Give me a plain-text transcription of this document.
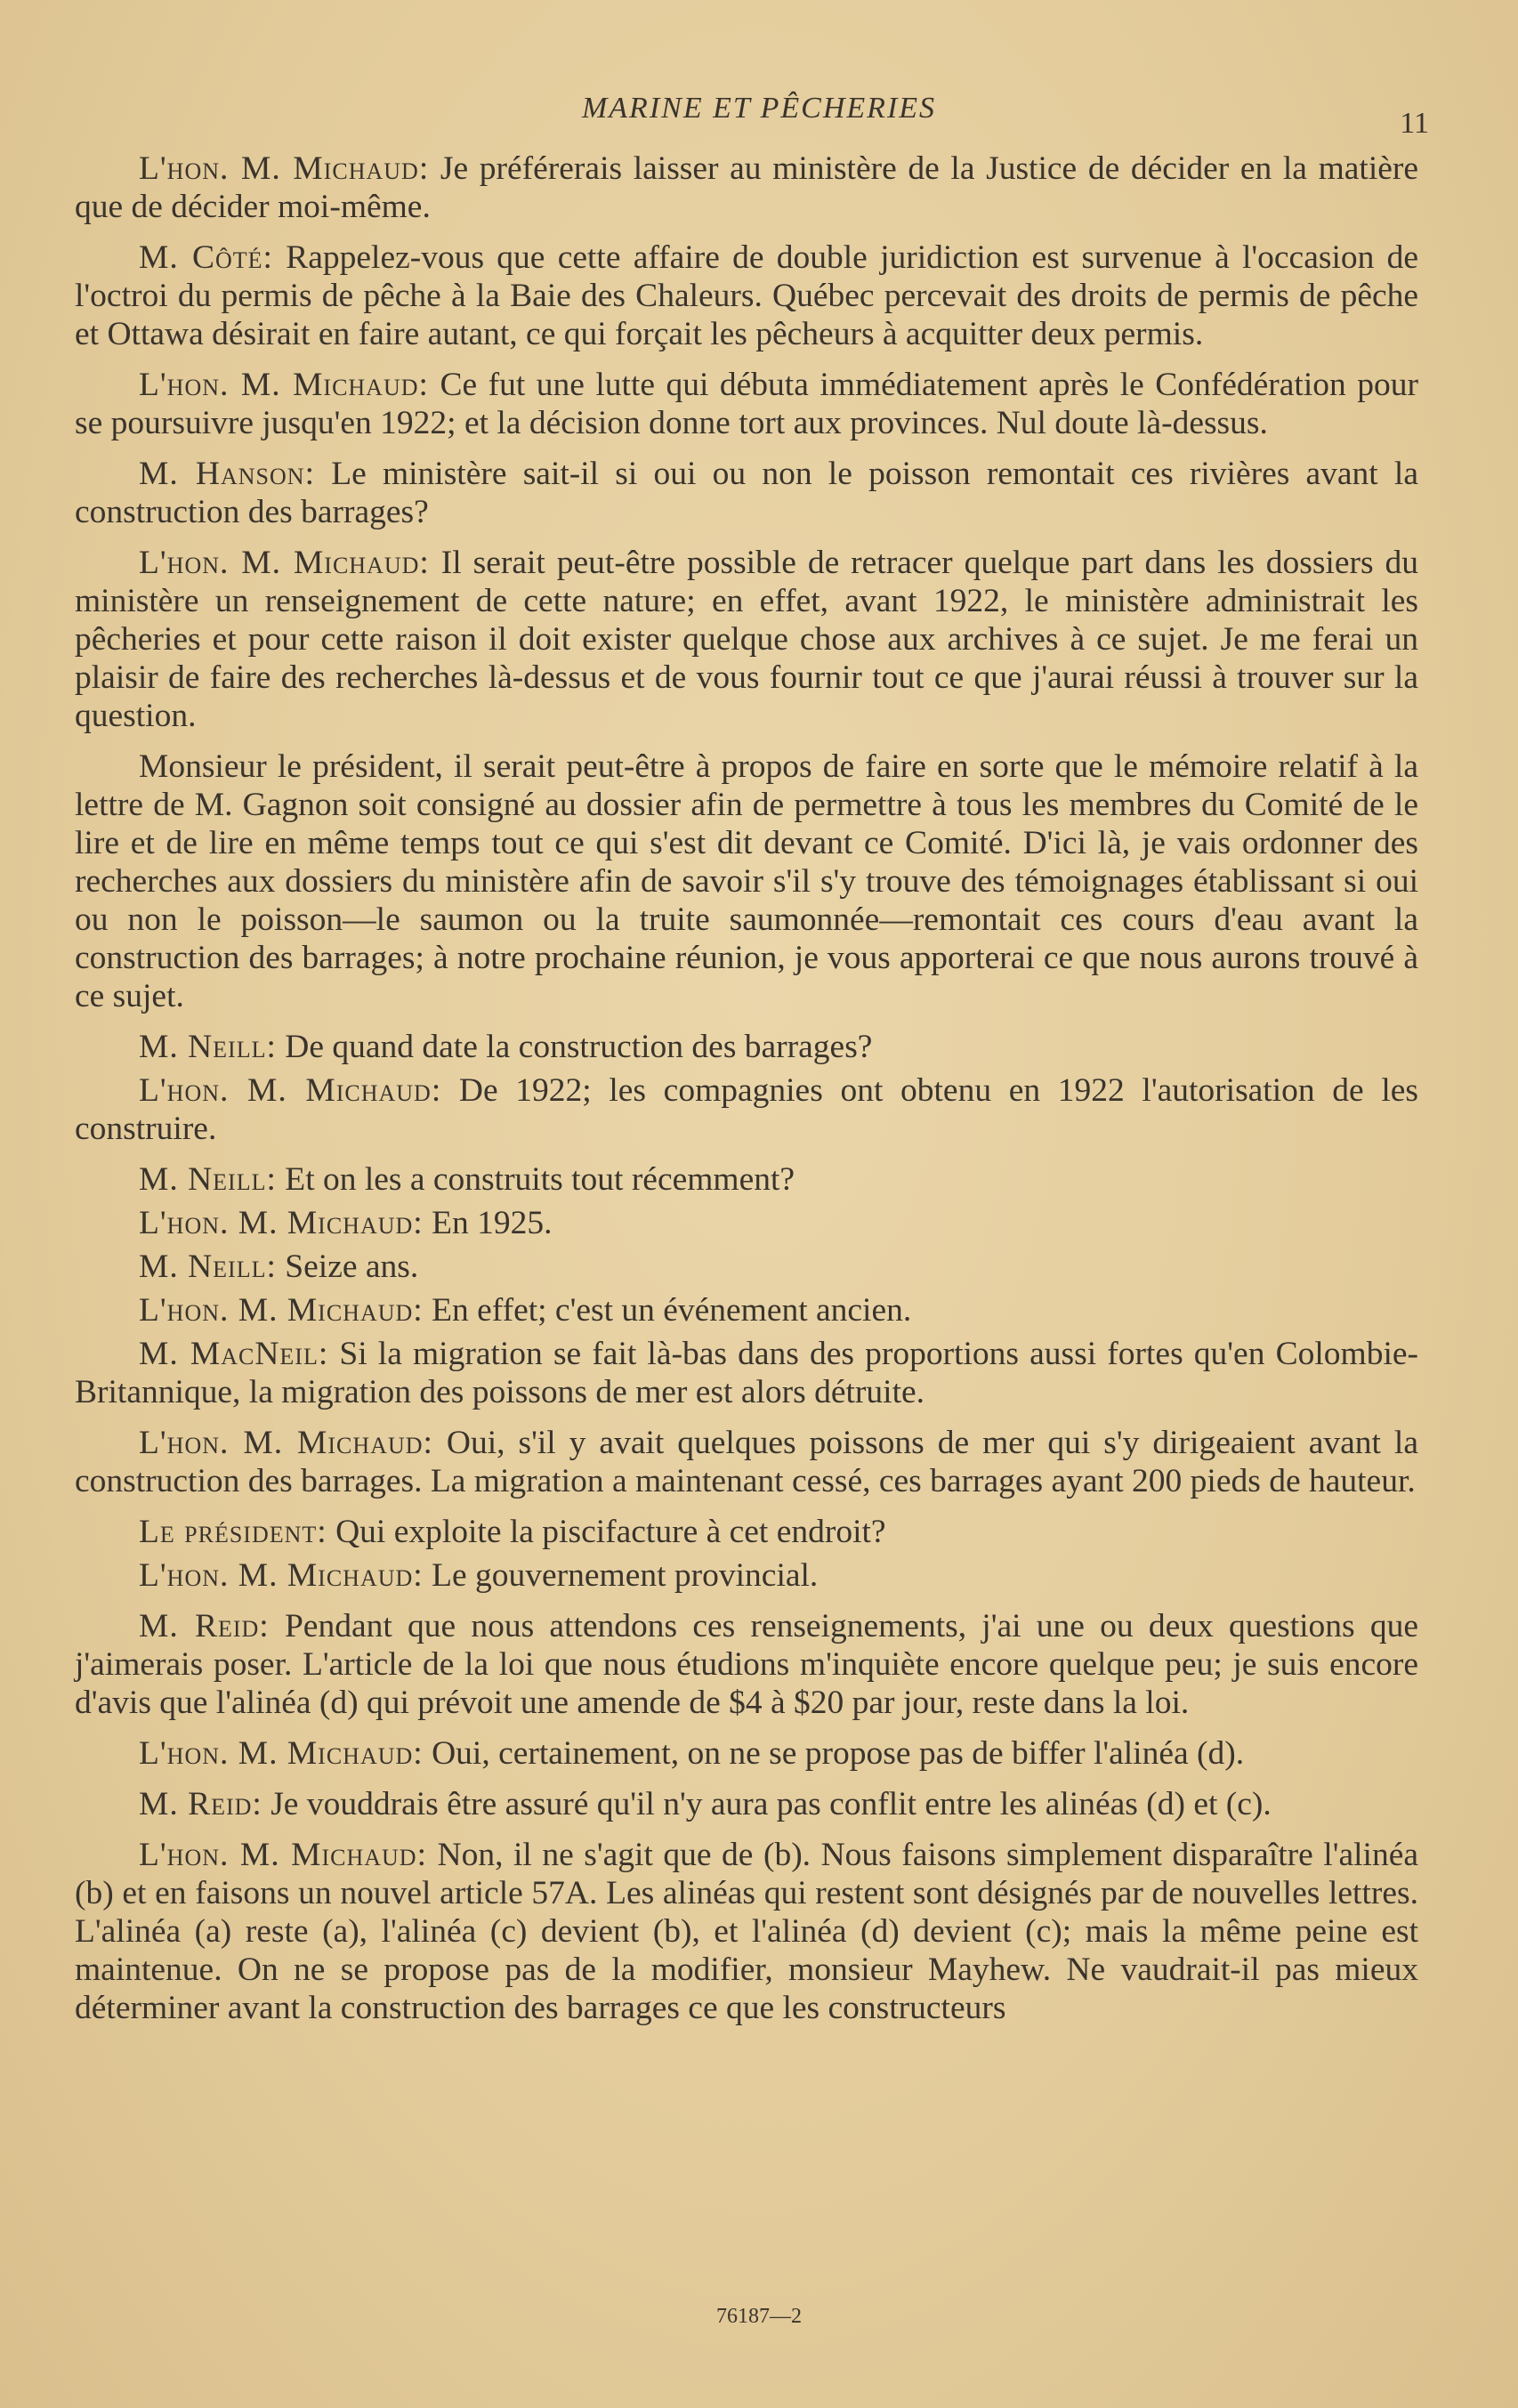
MARINE ET PÊCHERIES	11

L'hon. M. Michaud: Je préférerais laisser au ministère de la Justice de décider en la matière que de décider moi-même.

M. Côté: Rappelez-vous que cette affaire de double juridiction est survenue à l'occasion de l'octroi du permis de pêche à la Baie des Chaleurs. Québec percevait des droits de permis de pêche et Ottawa désirait en faire autant, ce qui forçait les pêcheurs à acquitter deux permis.

L'hon. M. Michaud: Ce fut une lutte qui débuta immédiatement après le Confédération pour se poursuivre jusqu'en 1922; et la décision donne tort aux provinces. Nul doute là-dessus.

M. Hanson: Le ministère sait-il si oui ou non le poisson remontait ces rivières avant la construction des barrages?

L'hon. M. Michaud: Il serait peut-être possible de retracer quelque part dans les dossiers du ministère un renseignement de cette nature; en effet, avant 1922, le ministère administrait les pêcheries et pour cette raison il doit exister quelque chose aux archives à ce sujet. Je me ferai un plaisir de faire des recherches là-dessus et de vous fournir tout ce que j'aurai réussi à trouver sur la question.

Monsieur le président, il serait peut-être à propos de faire en sorte que le mémoire relatif à la lettre de M. Gagnon soit consigné au dossier afin de permettre à tous les membres du Comité de le lire et de lire en même temps tout ce qui s'est dit devant ce Comité. D'ici là, je vais ordonner des recherches aux dossiers du ministère afin de savoir s'il s'y trouve des témoignages établissant si oui ou non le poisson—le saumon ou la truite saumonnée—remontait ces cours d'eau avant la construction des barrages; à notre prochaine réunion, je vous apporterai ce que nous aurons trouvé à ce sujet.

M. Neill: De quand date la construction des barrages?

L'hon. M. Michaud: De 1922; les compagnies ont obtenu en 1922 l'autorisation de les construire.

M. Neill: Et on les a construits tout récemment?

L'hon. M. Michaud: En 1925.

M. Neill: Seize ans.

L'hon. M. Michaud: En effet; c'est un événement ancien.

M. MacNeil: Si la migration se fait là-bas dans des proportions aussi fortes qu'en Colombie-Britannique, la migration des poissons de mer est alors détruite.

L'hon. M. Michaud: Oui, s'il y avait quelques poissons de mer qui s'y dirigeaient avant la construction des barrages. La migration a maintenant cessé, ces barrages ayant 200 pieds de hauteur.

Le président: Qui exploite la piscifacture à cet endroit?

L'hon. M. Michaud: Le gouvernement provincial.

M. Reid: Pendant que nous attendons ces renseignements, j'ai une ou deux questions que j'aimerais poser. L'article de la loi que nous étudions m'inquiète encore quelque peu; je suis encore d'avis que l'alinéa (d) qui prévoit une amende de $4 à $20 par jour, reste dans la loi.

L'hon. M. Michaud: Oui, certainement, on ne se propose pas de biffer l'alinéa (d).

M. Reid: Je vouddrais être assuré qu'il n'y aura pas conflit entre les alinéas (d) et (c).

L'hon. M. Michaud: Non, il ne s'agit que de (b). Nous faisons simplement disparaître l'alinéa (b) et en faisons un nouvel article 57A. Les alinéas qui restent sont désignés par de nouvelles lettres. L'alinéa (a) reste (a), l'alinéa (c) devient (b), et l'alinéa (d) devient (c); mais la même peine est maintenue. On ne se propose pas de la modifier, monsieur Mayhew. Ne vaudrait-il pas mieux déterminer avant la construction des barrages ce que les constructeurs

76187—2
